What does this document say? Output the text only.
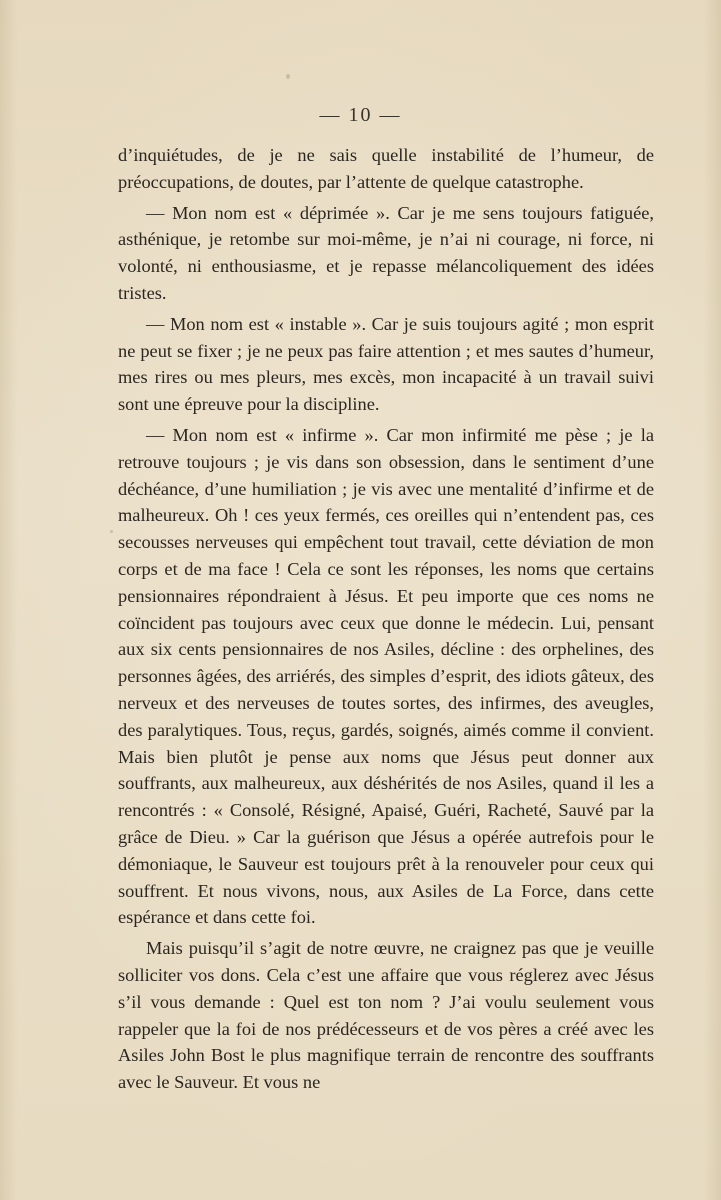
— 10 —

d’inquiétudes, de je ne sais quelle instabilité de l’humeur, de préoccupations, de doutes, par l’attente de quelque catastrophe.

— Mon nom est « déprimée ». Car je me sens toujours fatiguée, asthénique, je retombe sur moi-même, je n’ai ni courage, ni force, ni volonté, ni enthousiasme, et je repasse mélancoliquement des idées tristes.

— Mon nom est « instable ». Car je suis toujours agité ; mon esprit ne peut se fixer ; je ne peux pas faire attention ; et mes sautes d’humeur, mes rires ou mes pleurs, mes excès, mon incapacité à un travail suivi sont une épreuve pour la discipline.

— Mon nom est « infirme ». Car mon infirmité me pèse ; je la retrouve toujours ; je vis dans son obsession, dans le sentiment d’une déchéance, d’une humiliation ; je vis avec une mentalité d’infirme et de malheureux. Oh ! ces yeux fermés, ces oreilles qui n’entendent pas, ces secousses nerveuses qui empêchent tout travail, cette déviation de mon corps et de ma face ! Cela ce sont les réponses, les noms que certains pensionnaires répondraient à Jésus. Et peu importe que ces noms ne coïncident pas toujours avec ceux que donne le médecin. Lui, pensant aux six cents pensionnaires de nos Asiles, décline : des orphelines, des personnes âgées, des arriérés, des simples d’esprit, des idiots gâteux, des nerveux et des nerveuses de toutes sortes, des infirmes, des aveugles, des paralytiques. Tous, reçus, gardés, soignés, aimés comme il convient. Mais bien plutôt je pense aux noms que Jésus peut donner aux souffrants, aux malheureux, aux déshérités de nos Asiles, quand il les a rencontrés : « Consolé, Résigné, Apaisé, Guéri, Racheté, Sauvé par la grâce de Dieu. » Car la guérison que Jésus a opérée autrefois pour le démoniaque, le Sauveur est toujours prêt à la renouveler pour ceux qui souffrent. Et nous vivons, nous, aux Asiles de La Force, dans cette espérance et dans cette foi.

Mais puisqu’il s’agit de notre œuvre, ne craignez pas que je veuille solliciter vos dons. Cela c’est une affaire que vous réglerez avec Jésus s’il vous demande : Quel est ton nom ? J’ai voulu seulement vous rappeler que la foi de nos prédécesseurs et de vos pères a créé avec les Asiles John Bost le plus magnifique terrain de rencontre des souffrants avec le Sauveur. Et vous ne
